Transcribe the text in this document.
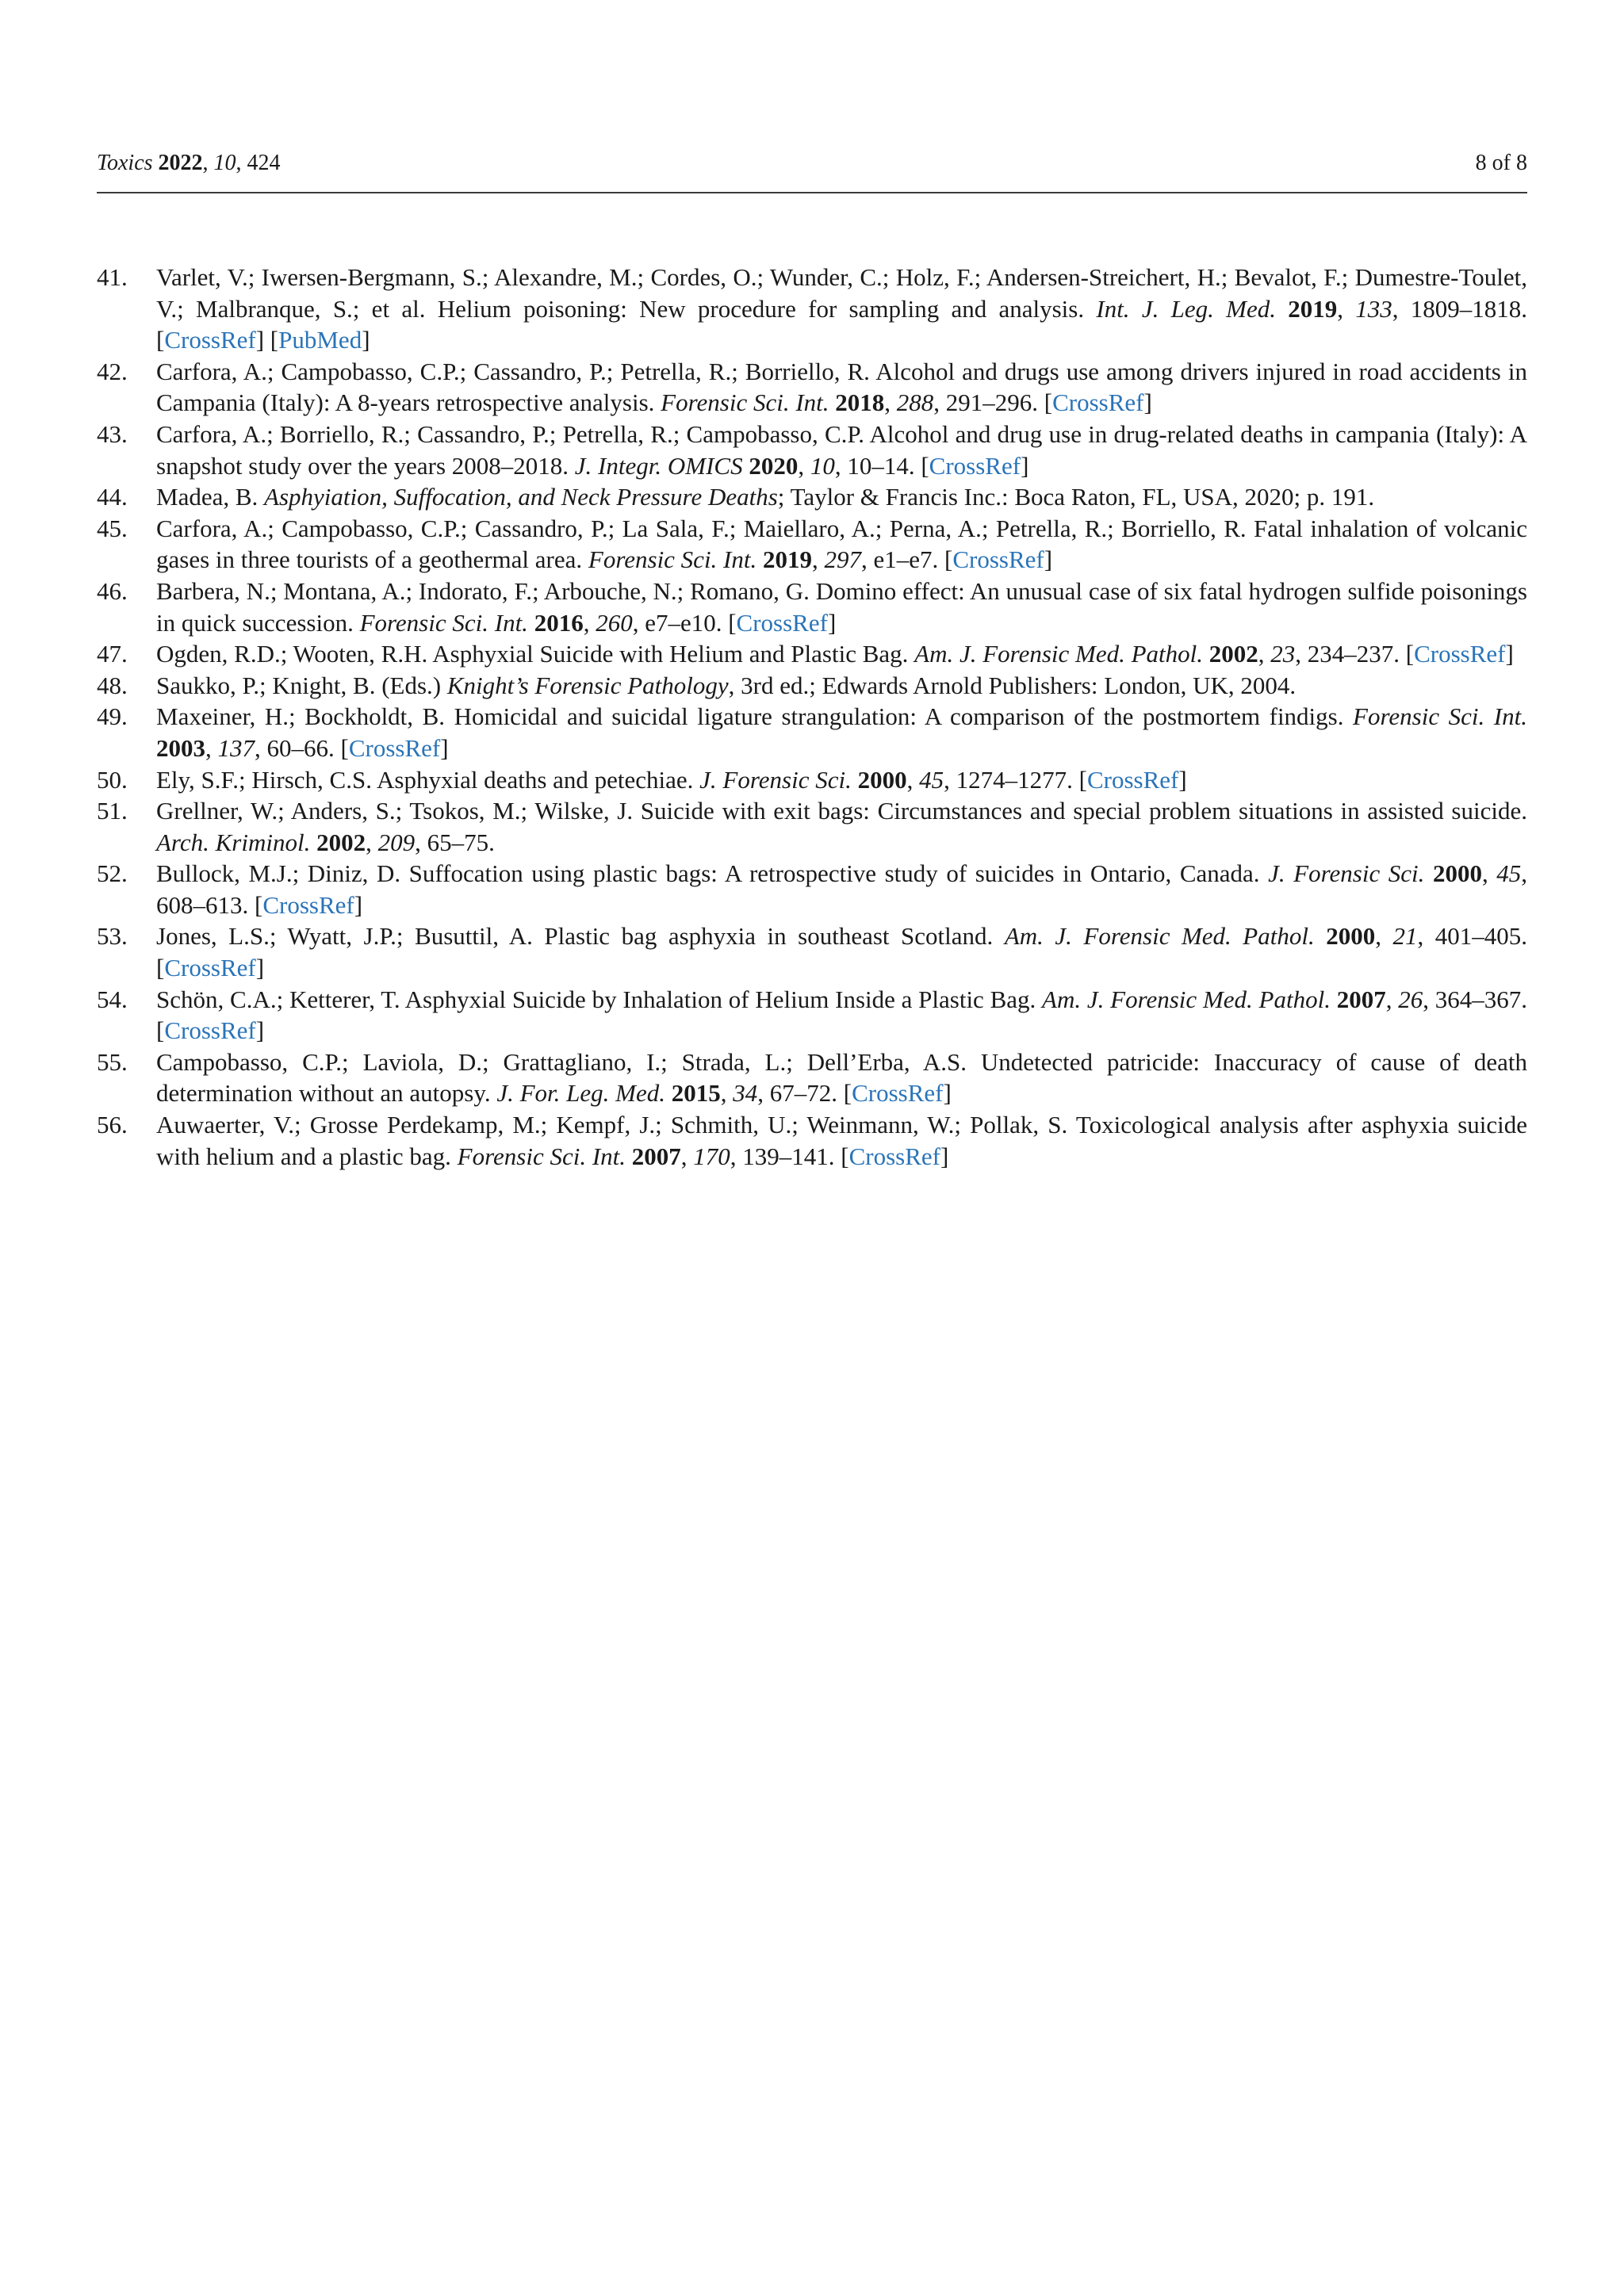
Toxics 2022, 10, 424	8 of 8
41. Varlet, V.; Iwersen-Bergmann, S.; Alexandre, M.; Cordes, O.; Wunder, C.; Holz, F.; Andersen-Streichert, H.; Bevalot, F.; Dumestre-Toulet, V.; Malbranque, S.; et al. Helium poisoning: New procedure for sampling and analysis. Int. J. Leg. Med. 2019, 133, 1809–1818. [CrossRef] [PubMed]
42. Carfora, A.; Campobasso, C.P.; Cassandro, P.; Petrella, R.; Borriello, R. Alcohol and drugs use among drivers injured in road accidents in Campania (Italy): A 8-years retrospective analysis. Forensic Sci. Int. 2018, 288, 291–296. [CrossRef]
43. Carfora, A.; Borriello, R.; Cassandro, P.; Petrella, R.; Campobasso, C.P. Alcohol and drug use in drug-related deaths in campania (Italy): A snapshot study over the years 2008–2018. J. Integr. OMICS 2020, 10, 10–14. [CrossRef]
44. Madea, B. Asphyiation, Suffocation, and Neck Pressure Deaths; Taylor & Francis Inc.: Boca Raton, FL, USA, 2020; p. 191.
45. Carfora, A.; Campobasso, C.P.; Cassandro, P.; La Sala, F.; Maiellaro, A.; Perna, A.; Petrella, R.; Borriello, R. Fatal inhalation of volcanic gases in three tourists of a geothermal area. Forensic Sci. Int. 2019, 297, e1–e7. [CrossRef]
46. Barbera, N.; Montana, A.; Indorato, F.; Arbouche, N.; Romano, G. Domino effect: An unusual case of six fatal hydrogen sulfide poisonings in quick succession. Forensic Sci. Int. 2016, 260, e7–e10. [CrossRef]
47. Ogden, R.D.; Wooten, R.H. Asphyxial Suicide with Helium and Plastic Bag. Am. J. Forensic Med. Pathol. 2002, 23, 234–237. [CrossRef]
48. Saukko, P.; Knight, B. (Eds.) Knight’s Forensic Pathology, 3rd ed.; Edwards Arnold Publishers: London, UK, 2004.
49. Maxeiner, H.; Bockholdt, B. Homicidal and suicidal ligature strangulation: A comparison of the postmortem findigs. Forensic Sci. Int. 2003, 137, 60–66. [CrossRef]
50. Ely, S.F.; Hirsch, C.S. Asphyxial deaths and petechiae. J. Forensic Sci. 2000, 45, 1274–1277. [CrossRef]
51. Grellner, W.; Anders, S.; Tsokos, M.; Wilske, J. Suicide with exit bags: Circumstances and special problem situations in assisted suicide. Arch. Kriminol. 2002, 209, 65–75.
52. Bullock, M.J.; Diniz, D. Suffocation using plastic bags: A retrospective study of suicides in Ontario, Canada. J. Forensic Sci. 2000, 45, 608–613. [CrossRef]
53. Jones, L.S.; Wyatt, J.P.; Busuttil, A. Plastic bag asphyxia in southeast Scotland. Am. J. Forensic Med. Pathol. 2000, 21, 401–405. [CrossRef]
54. Schön, C.A.; Ketterer, T. Asphyxial Suicide by Inhalation of Helium Inside a Plastic Bag. Am. J. Forensic Med. Pathol. 2007, 26, 364–367. [CrossRef]
55. Campobasso, C.P.; Laviola, D.; Grattagliano, I.; Strada, L.; Dell’Erba, A.S. Undetected patricide: Inaccuracy of cause of death determination without an autopsy. J. For. Leg. Med. 2015, 34, 67–72. [CrossRef]
56. Auwaerter, V.; Grosse Perdekamp, M.; Kempf, J.; Schmith, U.; Weinmann, W.; Pollak, S. Toxicological analysis after asphyxia suicide with helium and a plastic bag. Forensic Sci. Int. 2007, 170, 139–141. [CrossRef]
